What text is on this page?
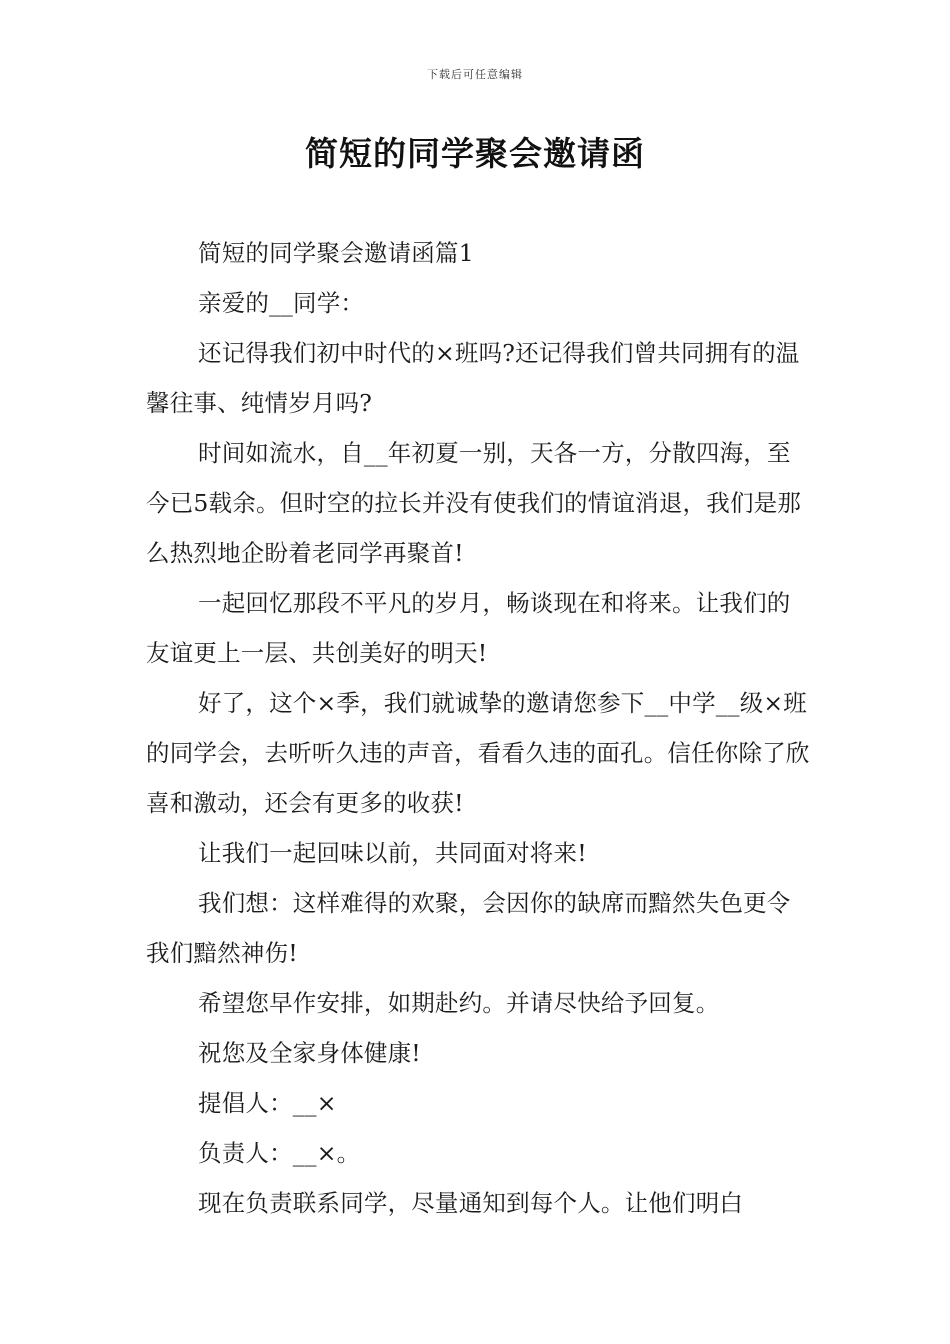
下载后可任意编辑
简短的同学聚会邀请函

简短的同学聚会邀请函篇1

亲爱的__同学：

还记得我们初中时代的×班吗?还记得我们曾共同拥有的温馨往事、纯情岁月吗?

时间如流水，自__年初夏一别，天各一方，分散四海，至今已5载余。但时空的拉长并没有使我们的情谊消退，我们是那么热烈地企盼着老同学再聚首!

一起回忆那段不平凡的岁月，畅谈现在和将来。让我们的友谊更上一层、共创美好的明天!

好了，这个×季，我们就诚挚的邀请您参下__中学__级×班的同学会，去听听久违的声音，看看久违的面孔。信任你除了欣喜和激动，还会有更多的收获!

让我们一起回味以前，共同面对将来!

我们想：这样难得的欢聚，会因你的缺席而黯然失色更令我们黯然神伤!

希望您早作安排，如期赴约。并请尽快给予回复。

祝您及全家身体健康!

提倡人：__×

负责人：__×。

现在负责联系同学，尽量通知到每个人。让他们明白
